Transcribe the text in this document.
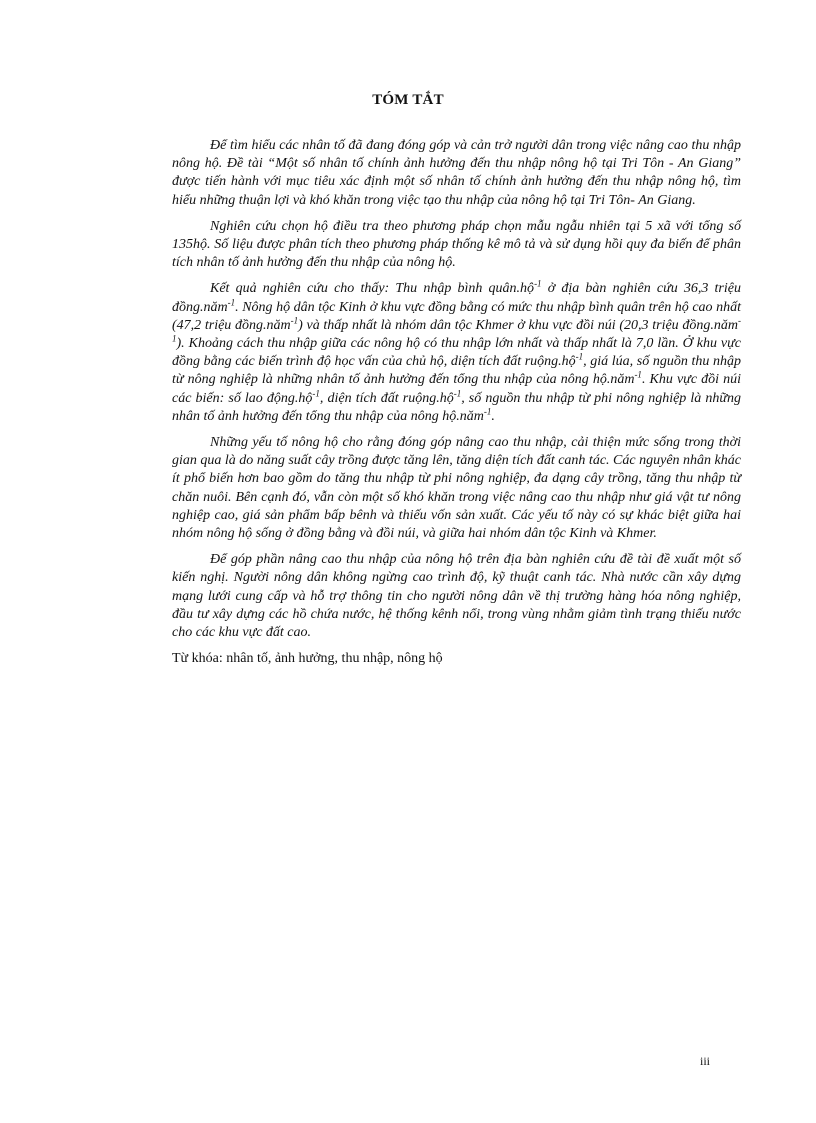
TÓM TẮT

Để tìm hiểu các nhân tố đã đang đóng góp và cản trở người dân trong việc nâng cao thu nhập nông hộ. Đề tài “Một số nhân tố chính ảnh hưởng đến thu nhập nông hộ tại Tri Tôn - An Giang” được tiến hành với mục tiêu xác định một số nhân tố chính ảnh hưởng đến thu nhập nông hộ, tìm hiểu những thuận lợi và khó khăn trong việc tạo thu nhập của nông hộ tại Tri Tôn- An Giang.

Nghiên cứu chọn hộ điều tra theo phương pháp chọn mẫu ngẫu nhiên tại 5 xã với tổng số 135hộ. Số liệu được phân tích theo phương pháp thống kê mô tả và sử dụng hồi quy đa biến để phân tích nhân tố ảnh hưởng đến thu nhập của nông hộ.

Kết quả nghiên cứu cho thấy: Thu nhập bình quân.hộ$^{-1}$ ở địa bàn nghiên cứu 36,3 triệu đồng.năm$^{-1}$. Nông hộ dân tộc Kinh ở khu vực đồng bằng có mức thu nhập bình quân trên hộ cao nhất (47,2 triệu đồng.năm$^{-1}$) và thấp nhất là nhóm dân tộc Khmer ở khu vực đồi núi (20,3 triệu đồng.năm$^{-1}$). Khoảng cách thu nhập giữa các nông hộ có thu nhập lớn nhất và thấp nhất là 7,0 lần. Ở khu vực đồng bằng các biến trình độ học vấn của chủ hộ, diện tích đất ruộng.hộ$^{-1}$, giá lúa, số nguồn thu nhập từ nông nghiệp là những nhân tố ảnh hưởng đến tổng thu nhập của nông hộ.năm$^{-1}$. Khu vực đồi núi các biến: số lao động.hộ$^{-1}$, diện tích đất ruộng.hộ$^{-1}$, số nguồn thu nhập từ phi nông nghiệp là những nhân tố ảnh hưởng đến tổng thu nhập của nông hộ.năm$^{-1}$.

Những yếu tố nông hộ cho rằng đóng góp nâng cao thu nhập, cải thiện mức sống trong thời gian qua là do năng suất cây trồng được tăng lên, tăng diện tích đất canh tác. Các nguyên nhân khác ít phổ biến hơn bao gồm do tăng thu nhập từ phi nông nghiệp, đa dạng cây trồng, tăng thu nhập từ chăn nuôi. Bên cạnh đó, vẫn còn một số khó khăn trong việc nâng cao thu nhập như giá vật tư nông nghiệp cao, giá sản phẩm bấp bênh và thiếu vốn sản xuất. Các yếu tố này có sự khác biệt giữa hai nhóm nông hộ sống ở đồng bằng và đồi núi, và giữa hai nhóm dân tộc Kinh và Khmer.

Để góp phần nâng cao thu nhập của nông hộ trên địa bàn nghiên cứu đề tài đề xuất một số kiến nghị. Người nông dân không ngừng cao trình độ, kỹ thuật canh tác. Nhà nước cần xây dựng mạng lưới cung cấp và hỗ trợ thông tin cho người nông dân về thị trường hàng hóa nông nghiệp, đầu tư xây dựng các hồ chứa nước, hệ thống kênh nổi, trong vùng nhằm giảm tình trạng thiếu nước cho các khu vực đất cao.

Từ khóa: nhân tố, ảnh hưởng, thu nhập, nông hộ

iii
